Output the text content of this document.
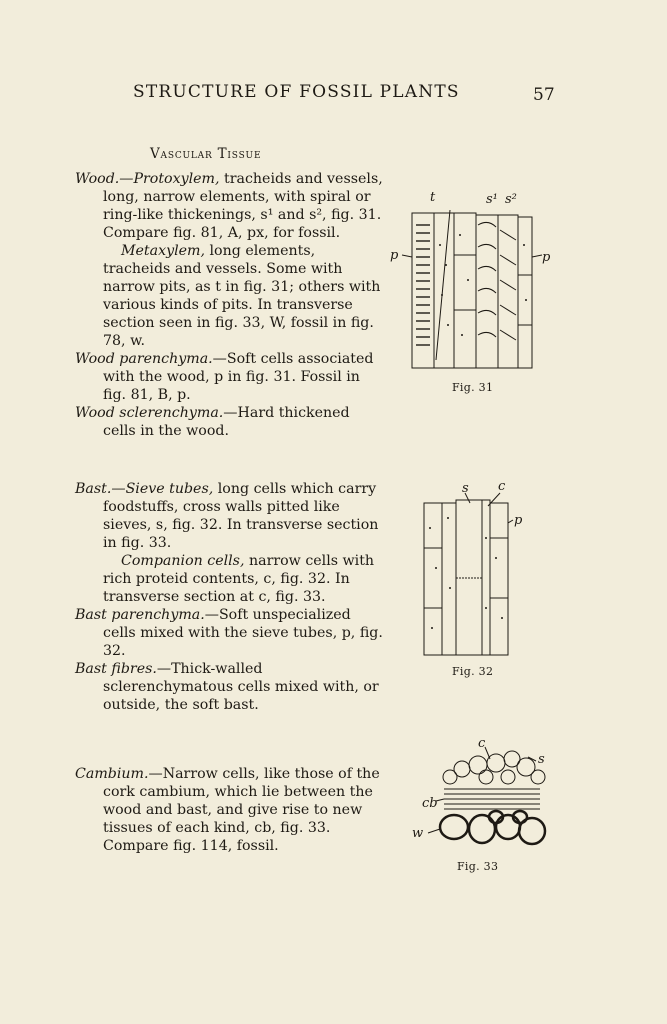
STRUCTURE OF FOSSIL PLANTS	57
Vascular Tissue

Wood.—Protoxylem, tracheids and vessels, long, narrow elements, with spiral or ring-like thickenings, s¹ and s², fig. 31. Compare fig. 81, A, px, for fossil.

Metaxylem, long elements, tracheids and vessels. Some with narrow pits, as t in fig. 31; others with various kinds of pits. In transverse section seen in fig. 33, W, fossil in fig. 78, w.

Wood parenchyma.—Soft cells associated with the wood, p in fig. 31. Fossil in fig. 81, B, p.

Wood sclerenchyma.—Hard thickened cells in the wood.

Bast.—Sieve tubes, long cells which carry foodstuffs, cross walls pitted like sieves, s, fig. 32. In transverse section in fig. 33.

Companion cells, narrow cells with rich proteid contents, c, fig. 32. In transverse section at c, fig. 33.

Bast parenchyma.—Soft unspecialized cells mixed with the sieve tubes, p, fig. 32.

Bast fibres.—Thick-walled sclerenchymatous cells mixed with, or outside, the soft bast.

Cambium.—Narrow cells, like those of the cork cambium, which lie between the wood and bast, and give rise to new tissues of each kind, cb, fig. 33. Compare fig. 114, fossil.

t	s¹ s²
p	p
Fig. 31
s c
p
Fig. 32
c
s
cb
w
Fig. 33
